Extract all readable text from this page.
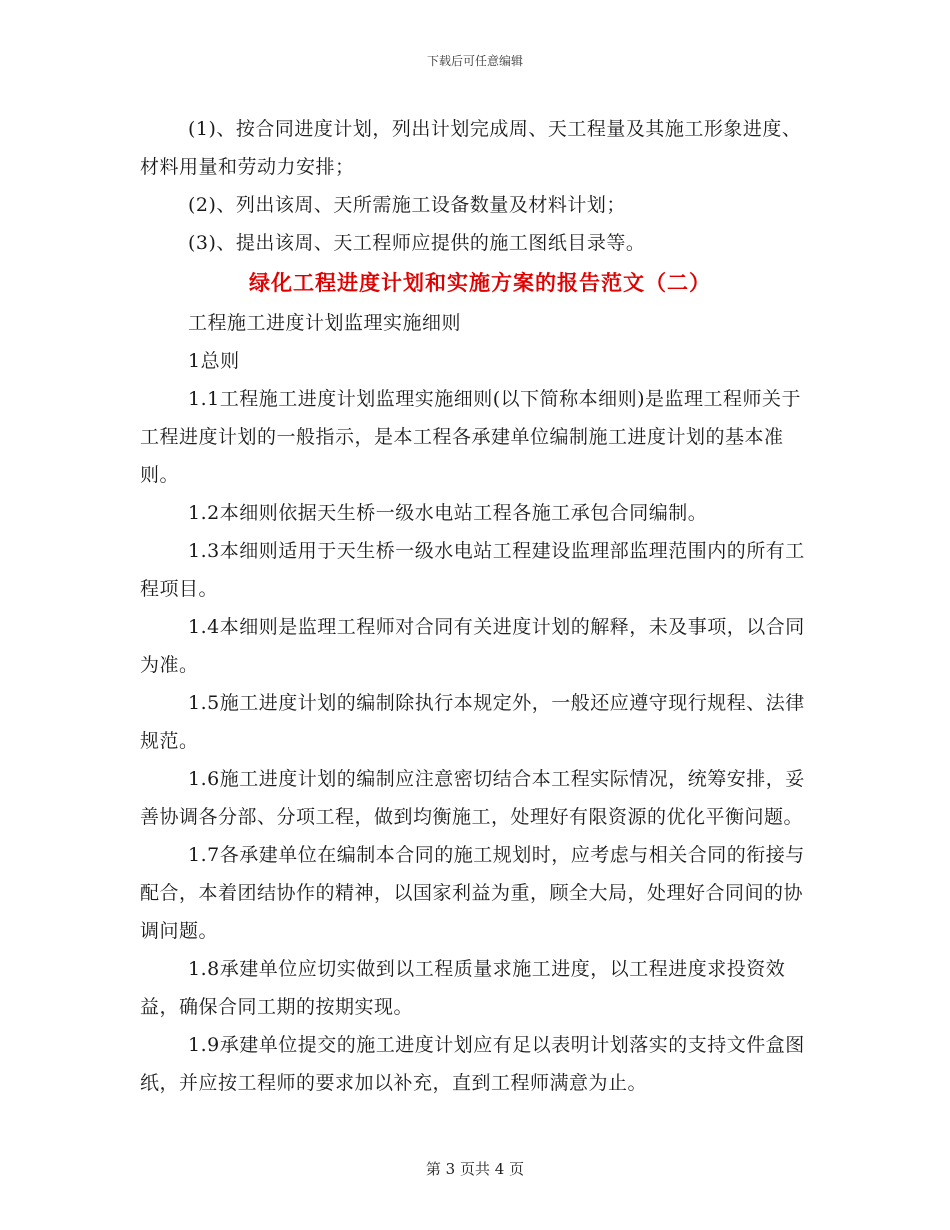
下载后可任意编辑

(1)、按合同进度计划，列出计划完成周、天工程量及其施工形象进度、材料用量和劳动力安排；

(2)、列出该周、天所需施工设备数量及材料计划；

(3)、提出该周、天工程师应提供的施工图纸目录等。

绿化工程进度计划和实施方案的报告范文（二）

工程施工进度计划监理实施细则

1总则

1.1工程施工进度计划监理实施细则(以下简称本细则)是监理工程师关于工程进度计划的一般指示，是本工程各承建单位编制施工进度计划的基本准则。

1.2本细则依据天生桥一级水电站工程各施工承包合同编制。

1.3本细则适用于天生桥一级水电站工程建设监理部监理范围内的所有工程项目。

1.4本细则是监理工程师对合同有关进度计划的解释，未及事项，以合同为准。

1.5施工进度计划的编制除执行本规定外，一般还应遵守现行规程、法律规范。

1.6施工进度计划的编制应注意密切结合本工程实际情况，统筹安排，妥善协调各分部、分项工程，做到均衡施工，处理好有限资源的优化平衡问题。

1.7各承建单位在编制本合同的施工规划时，应考虑与相关合同的衔接与配合，本着团结协作的精神，以国家利益为重，顾全大局，处理好合同间的协调问题。

1.8承建单位应切实做到以工程质量求施工进度，以工程进度求投资效益，确保合同工期的按期实现。

1.9承建单位提交的施工进度计划应有足以表明计划落实的支持文件盒图纸，并应按工程师的要求加以补充，直到工程师满意为止。

第 3 页共 4 页
